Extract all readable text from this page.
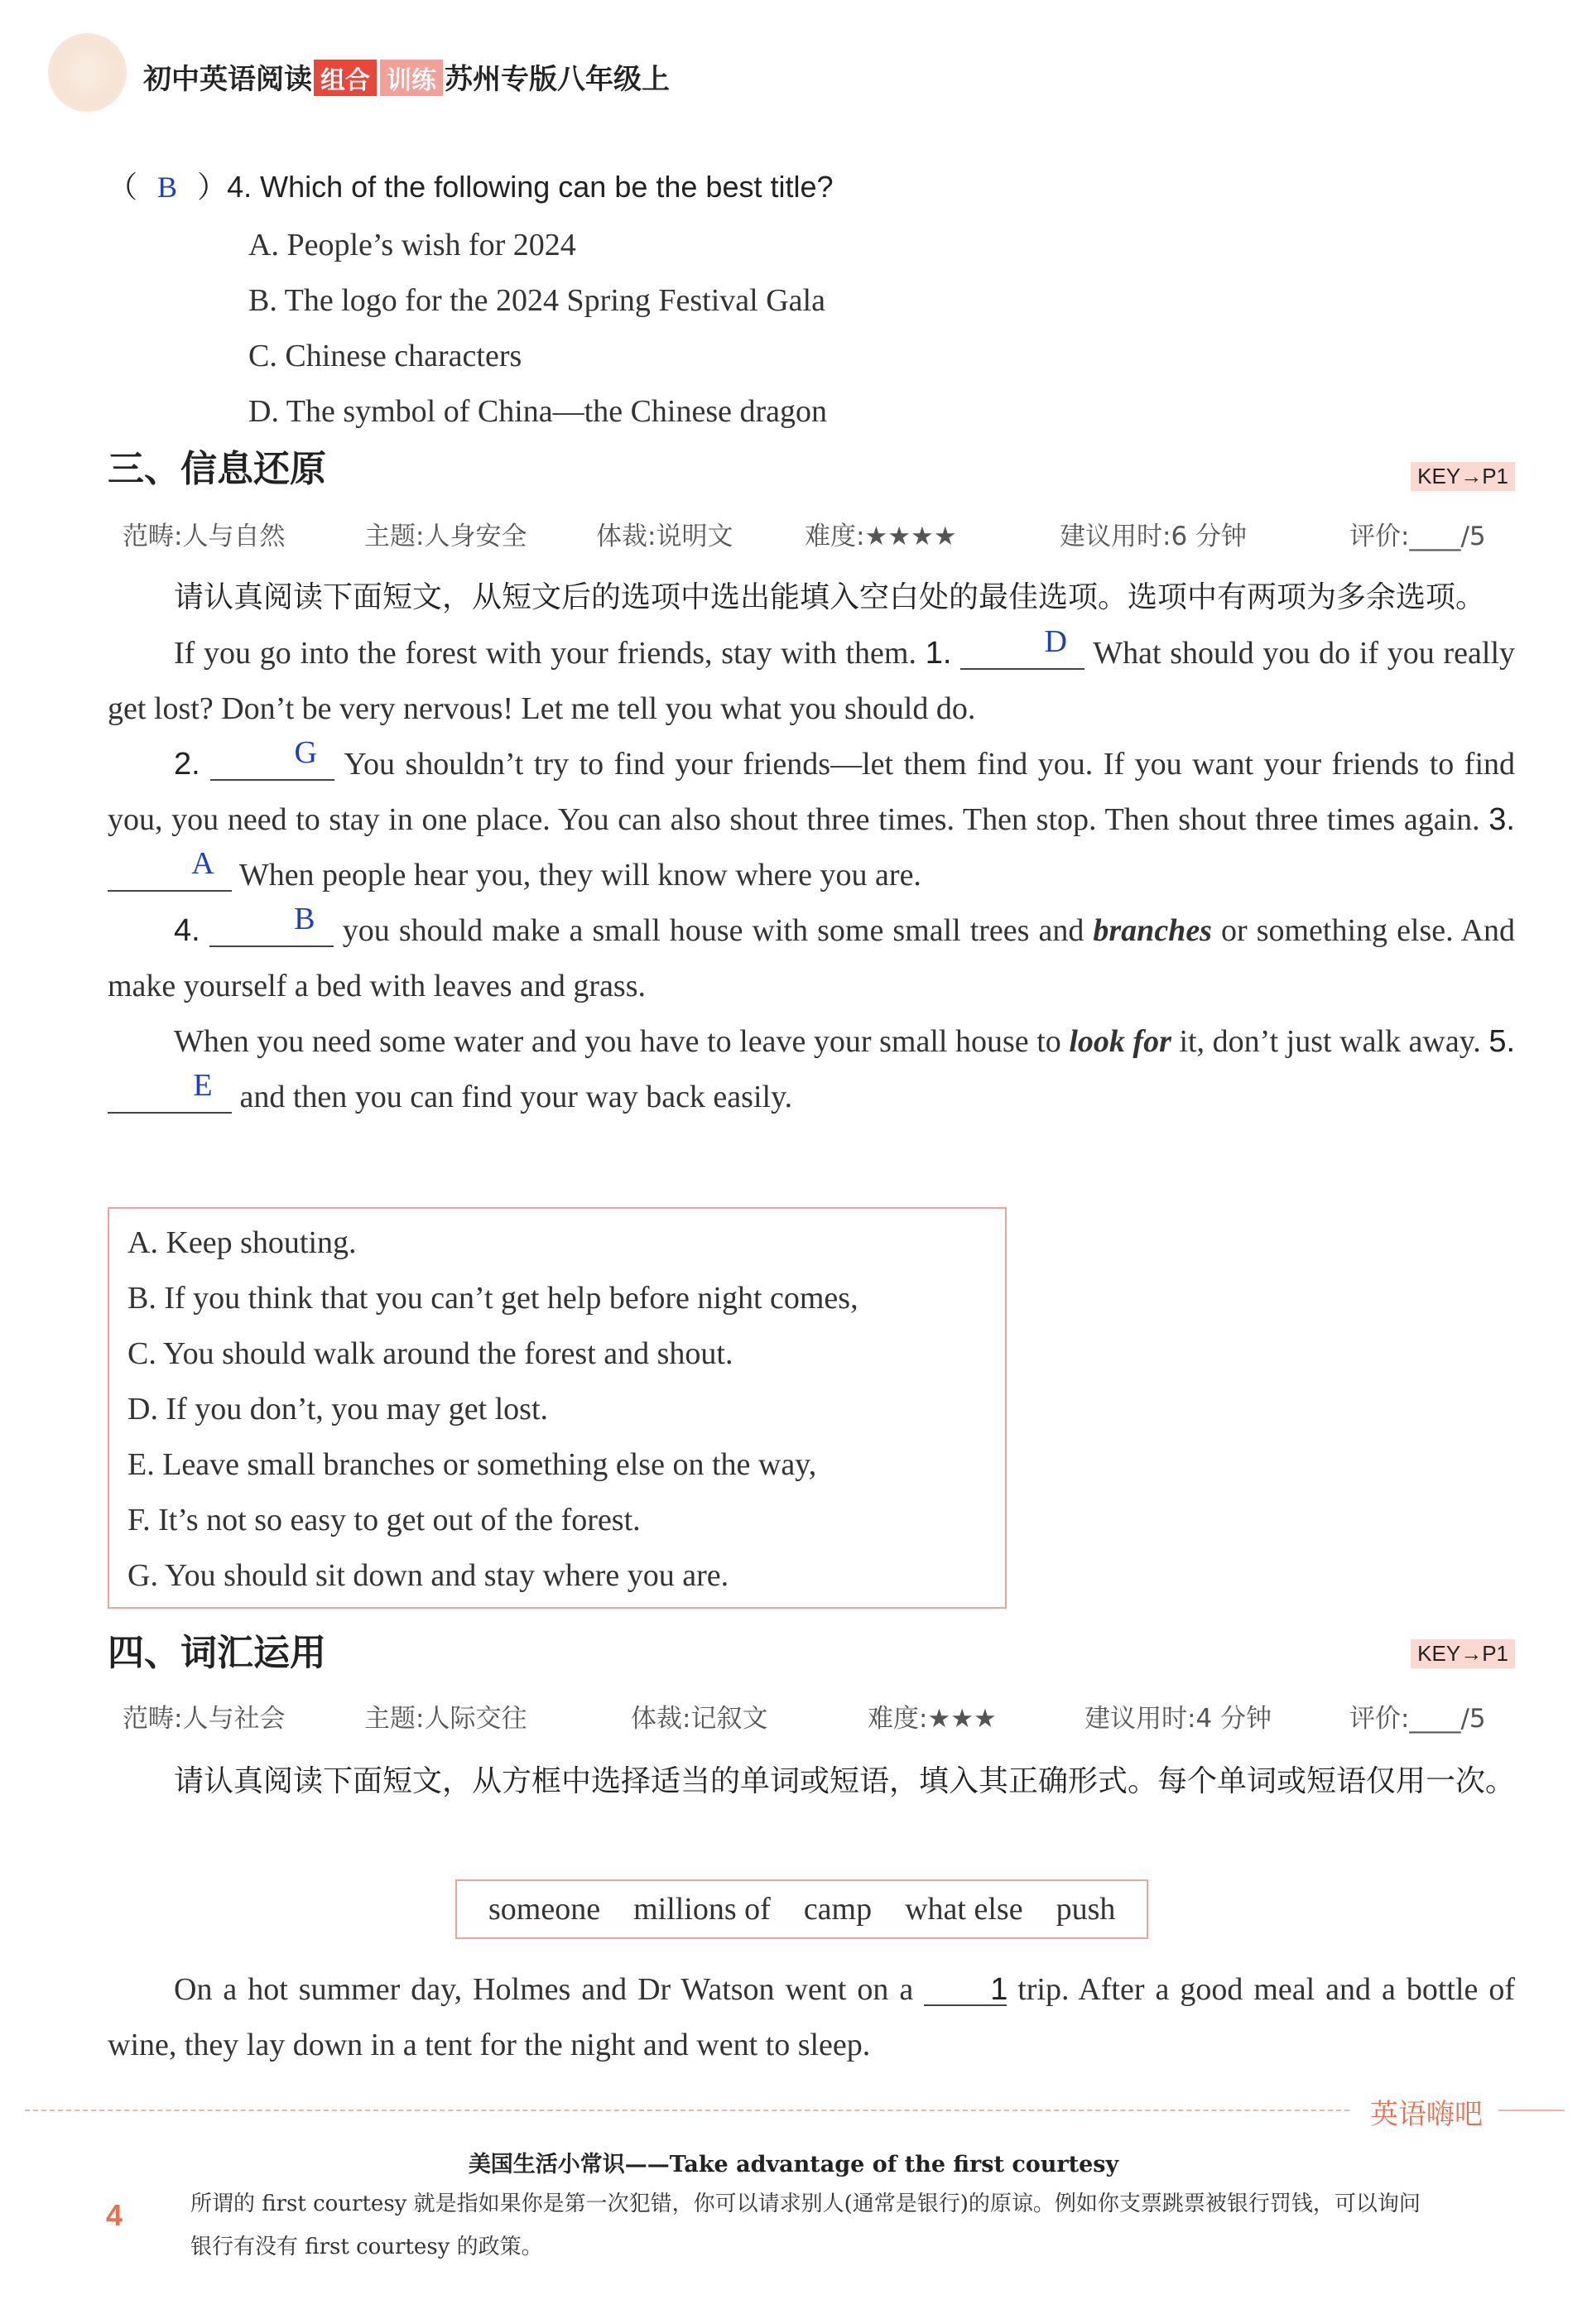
初中英语阅读 组合 训练 苏州专版八年级上
（ B ）4. Which of the following can be the best title?
A. People’s wish for 2024
B. The logo for the 2024 Spring Festival Gala
C. Chinese characters
D. The symbol of China—the Chinese dragon
三、信息还原	KEY→P1
范畴:人与自然	主题:人身安全	体裁:说明文	难度:★★★★	建议用时:6 分钟	评价:____/5
请认真阅读下面短文，从短文后的选项中选出能填入空白处的最佳选项。选项中有两项为多余选项。
If you go into the forest with your friends, stay with them. 1.	D What should you do if you really get lost? Don’t be very nervous! Let me tell you what you should do.
2.	G You shouldn’t try to find your friends—let them find you. If you want your friends to find you, you need to stay in one place. You can also shout three times. Then stop. Then shout three times again. 3. A When people hear you, they will know where you are.
4.	B you should make a small house with some small trees and branches or something else. And make yourself a bed with leaves and grass.
When you need some water and you have to leave your small house to look for it, don’t just walk away. 5. E and then you can find your way back easily.
A. Keep shouting.
B. If you think that you can’t get help before night comes,
C. You should walk around the forest and shout.
D. If you don’t, you may get lost.
E. Leave small branches or something else on the way,
F. It’s not so easy to get out of the forest.
G. You should sit down and stay where you are.
四、词汇运用	KEY→P1
范畴:人与社会	主题:人际交往	体裁:记叙文	难度:★★★	建议用时:4 分钟	评价:____/5
请认真阅读下面短文，从方框中选择适当的单词或短语，填入其正确形式。每个单词或短语仅用一次。
someone millions of camp what else push
On a hot summer day, Holmes and Dr Watson went on a 1 trip. After a good meal and a bottle of wine, they lay down in a tent for the night and went to sleep.
英语嗨吧
美国生活小常识——Take advantage of the first courtesy
4	所谓的 first courtesy 就是指如果你是第一次犯错，你可以请求别人(通常是银行)的原谅。例如你支票跳票被银行罚钱，可以询问银行有没有 first courtesy 的政策。
